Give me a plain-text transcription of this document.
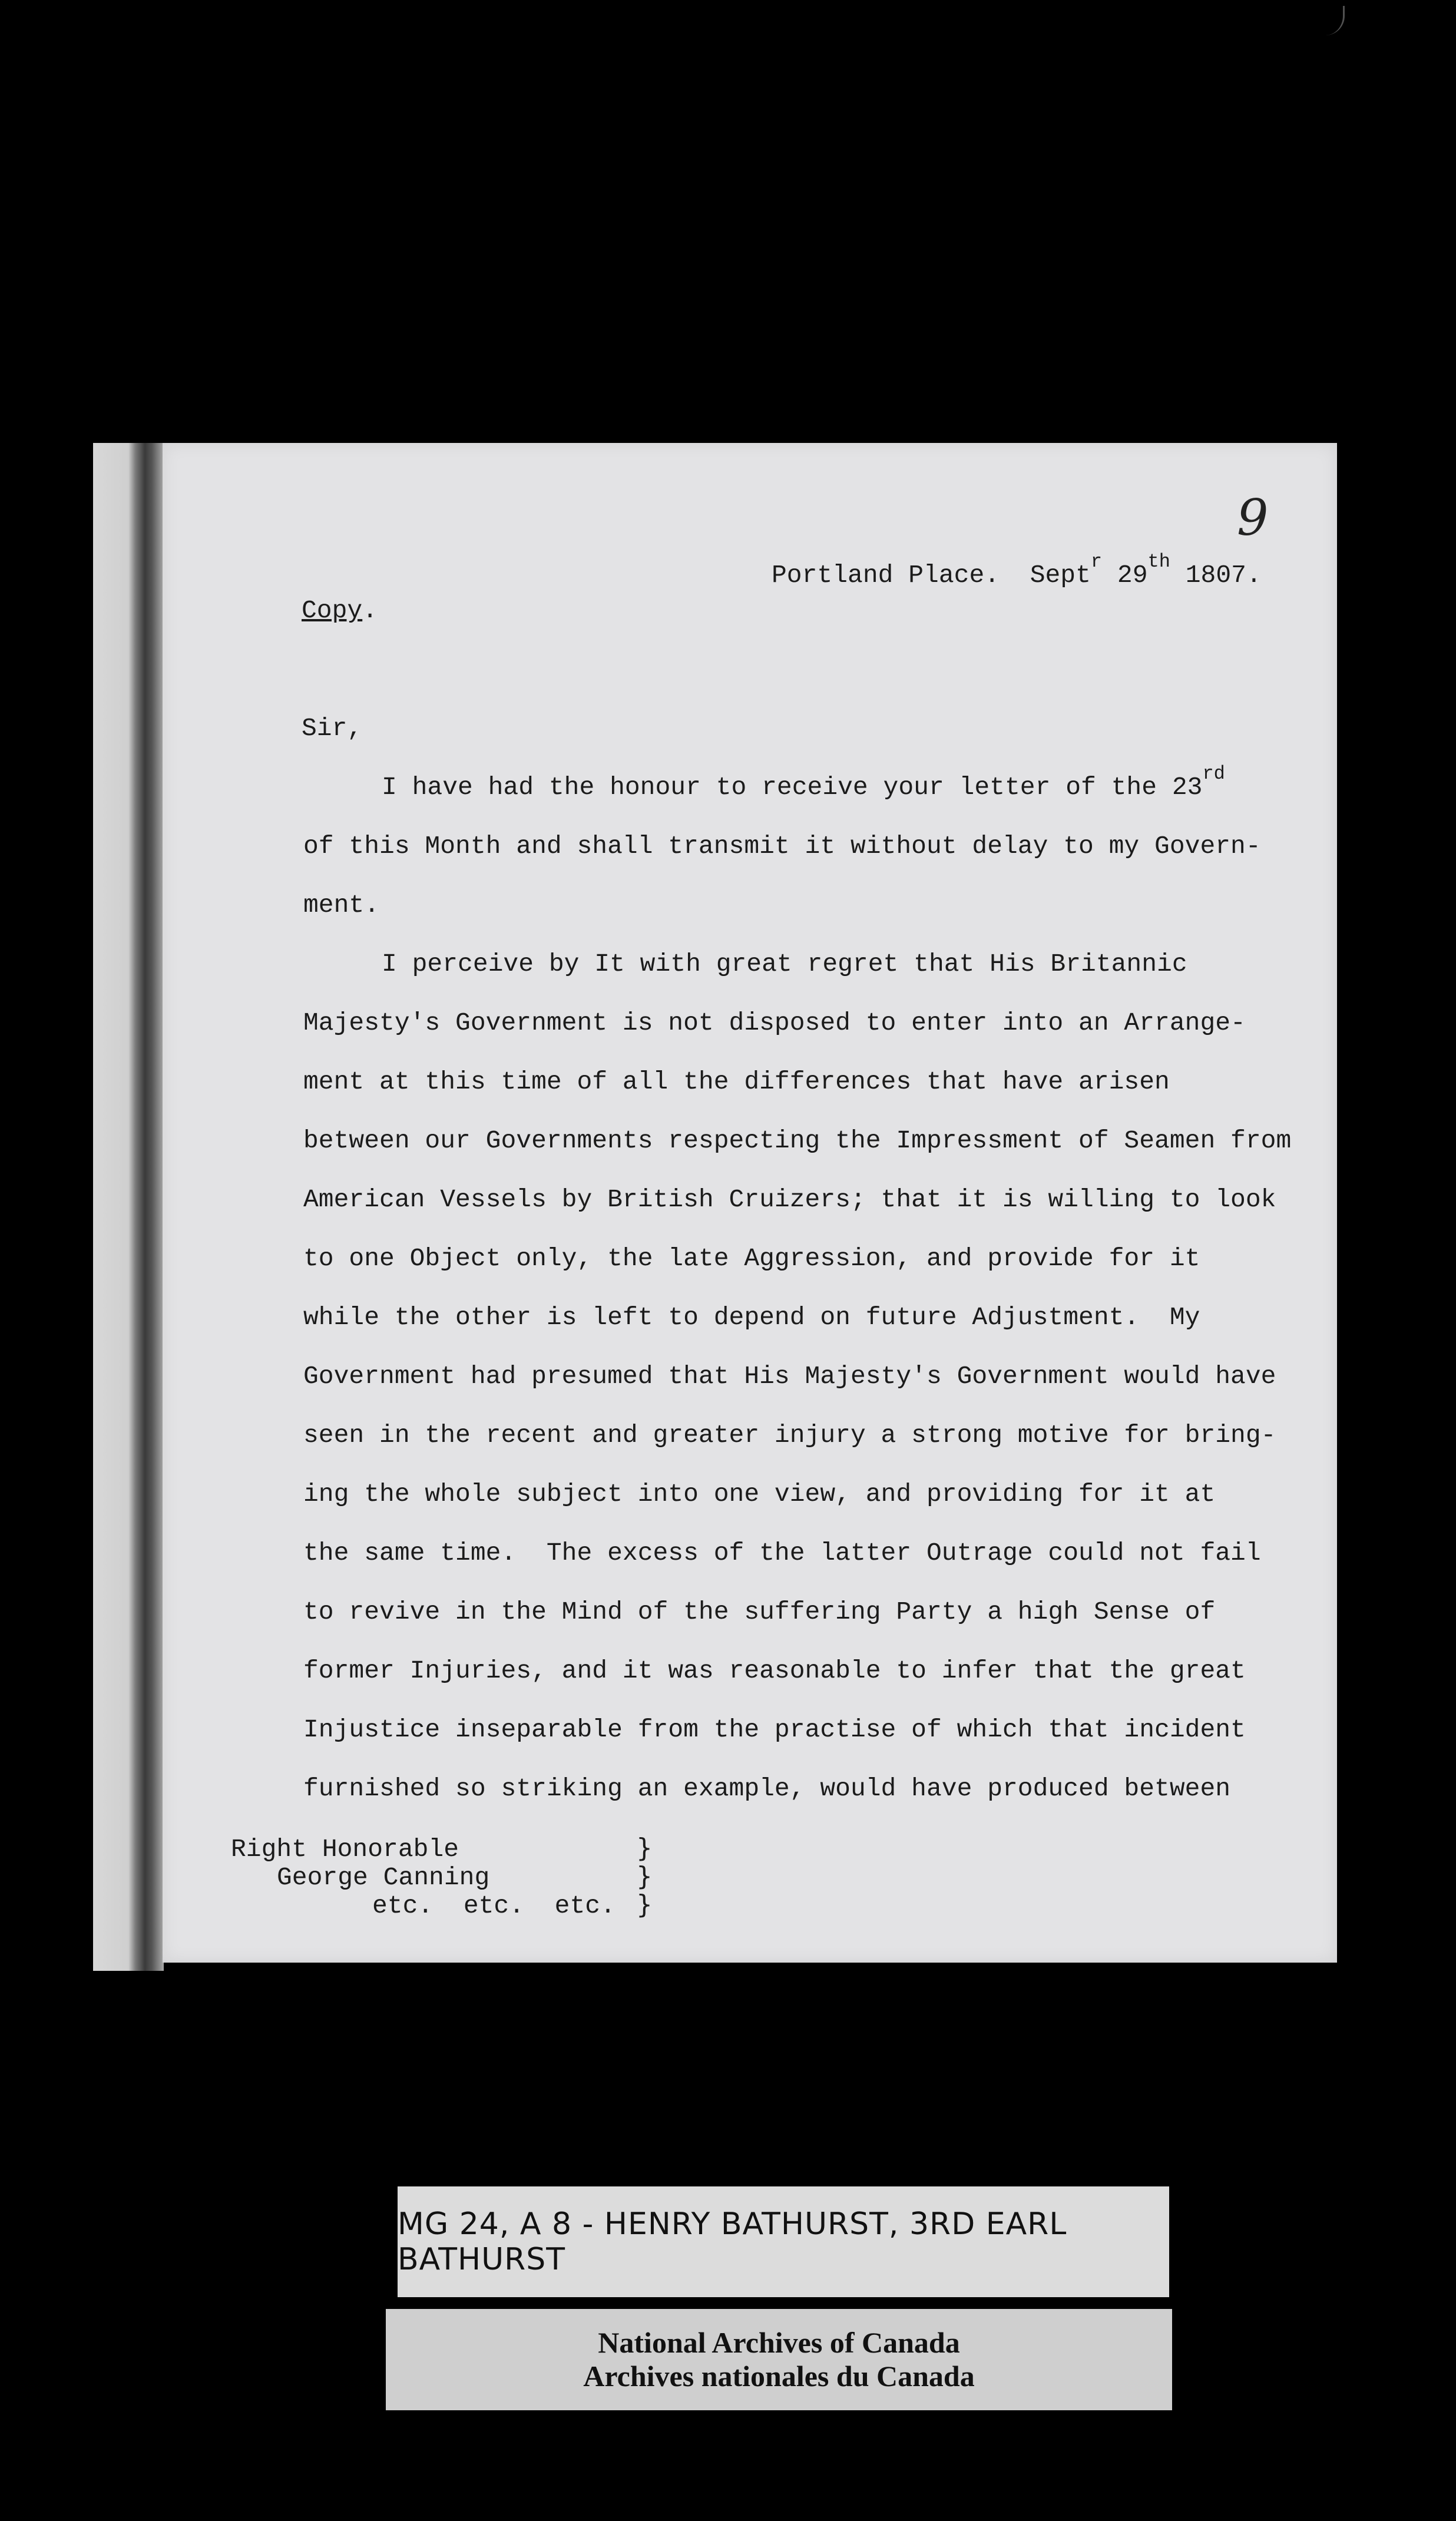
9
Portland Place. Sept$^r$ 29th 1807.
Copy.
Sir,
I have had the honour to receive your letter of the 23rd
of this Month and shall transmit it without delay to my Govern-
ment.
I perceive by It with great regret that His Britannic
Majesty's Government is not disposed to enter into an Arrange-
ment at this time of all the differences that have arisen
between our Governments respecting the Impressment of Seamen from
American Vessels by British Cruizers; that it is willing to look
to one Object only, the late Aggression, and provide for it
while the other is left to depend on future Adjustment.  My
Government had presumed that His Majesty's Government would have
seen in the recent and greater injury a strong motive for bring-
ing the whole subject into one view, and providing for it at
the same time.  The excess of the latter Outrage could not fail
to revive in the Mind of the suffering Party a high Sense of
former Injuries, and it was reasonable to infer that the great
Injustice inseparable from the practise of which that incident
furnished so striking an example, would have produced between
Right Honorable
George Canning
etc.  etc.  etc.
}
}
}
MG 24, A 8 - HENRY BATHURST, 3RD EARL BATHURST
National Archives of Canada
Archives nationales du Canada
